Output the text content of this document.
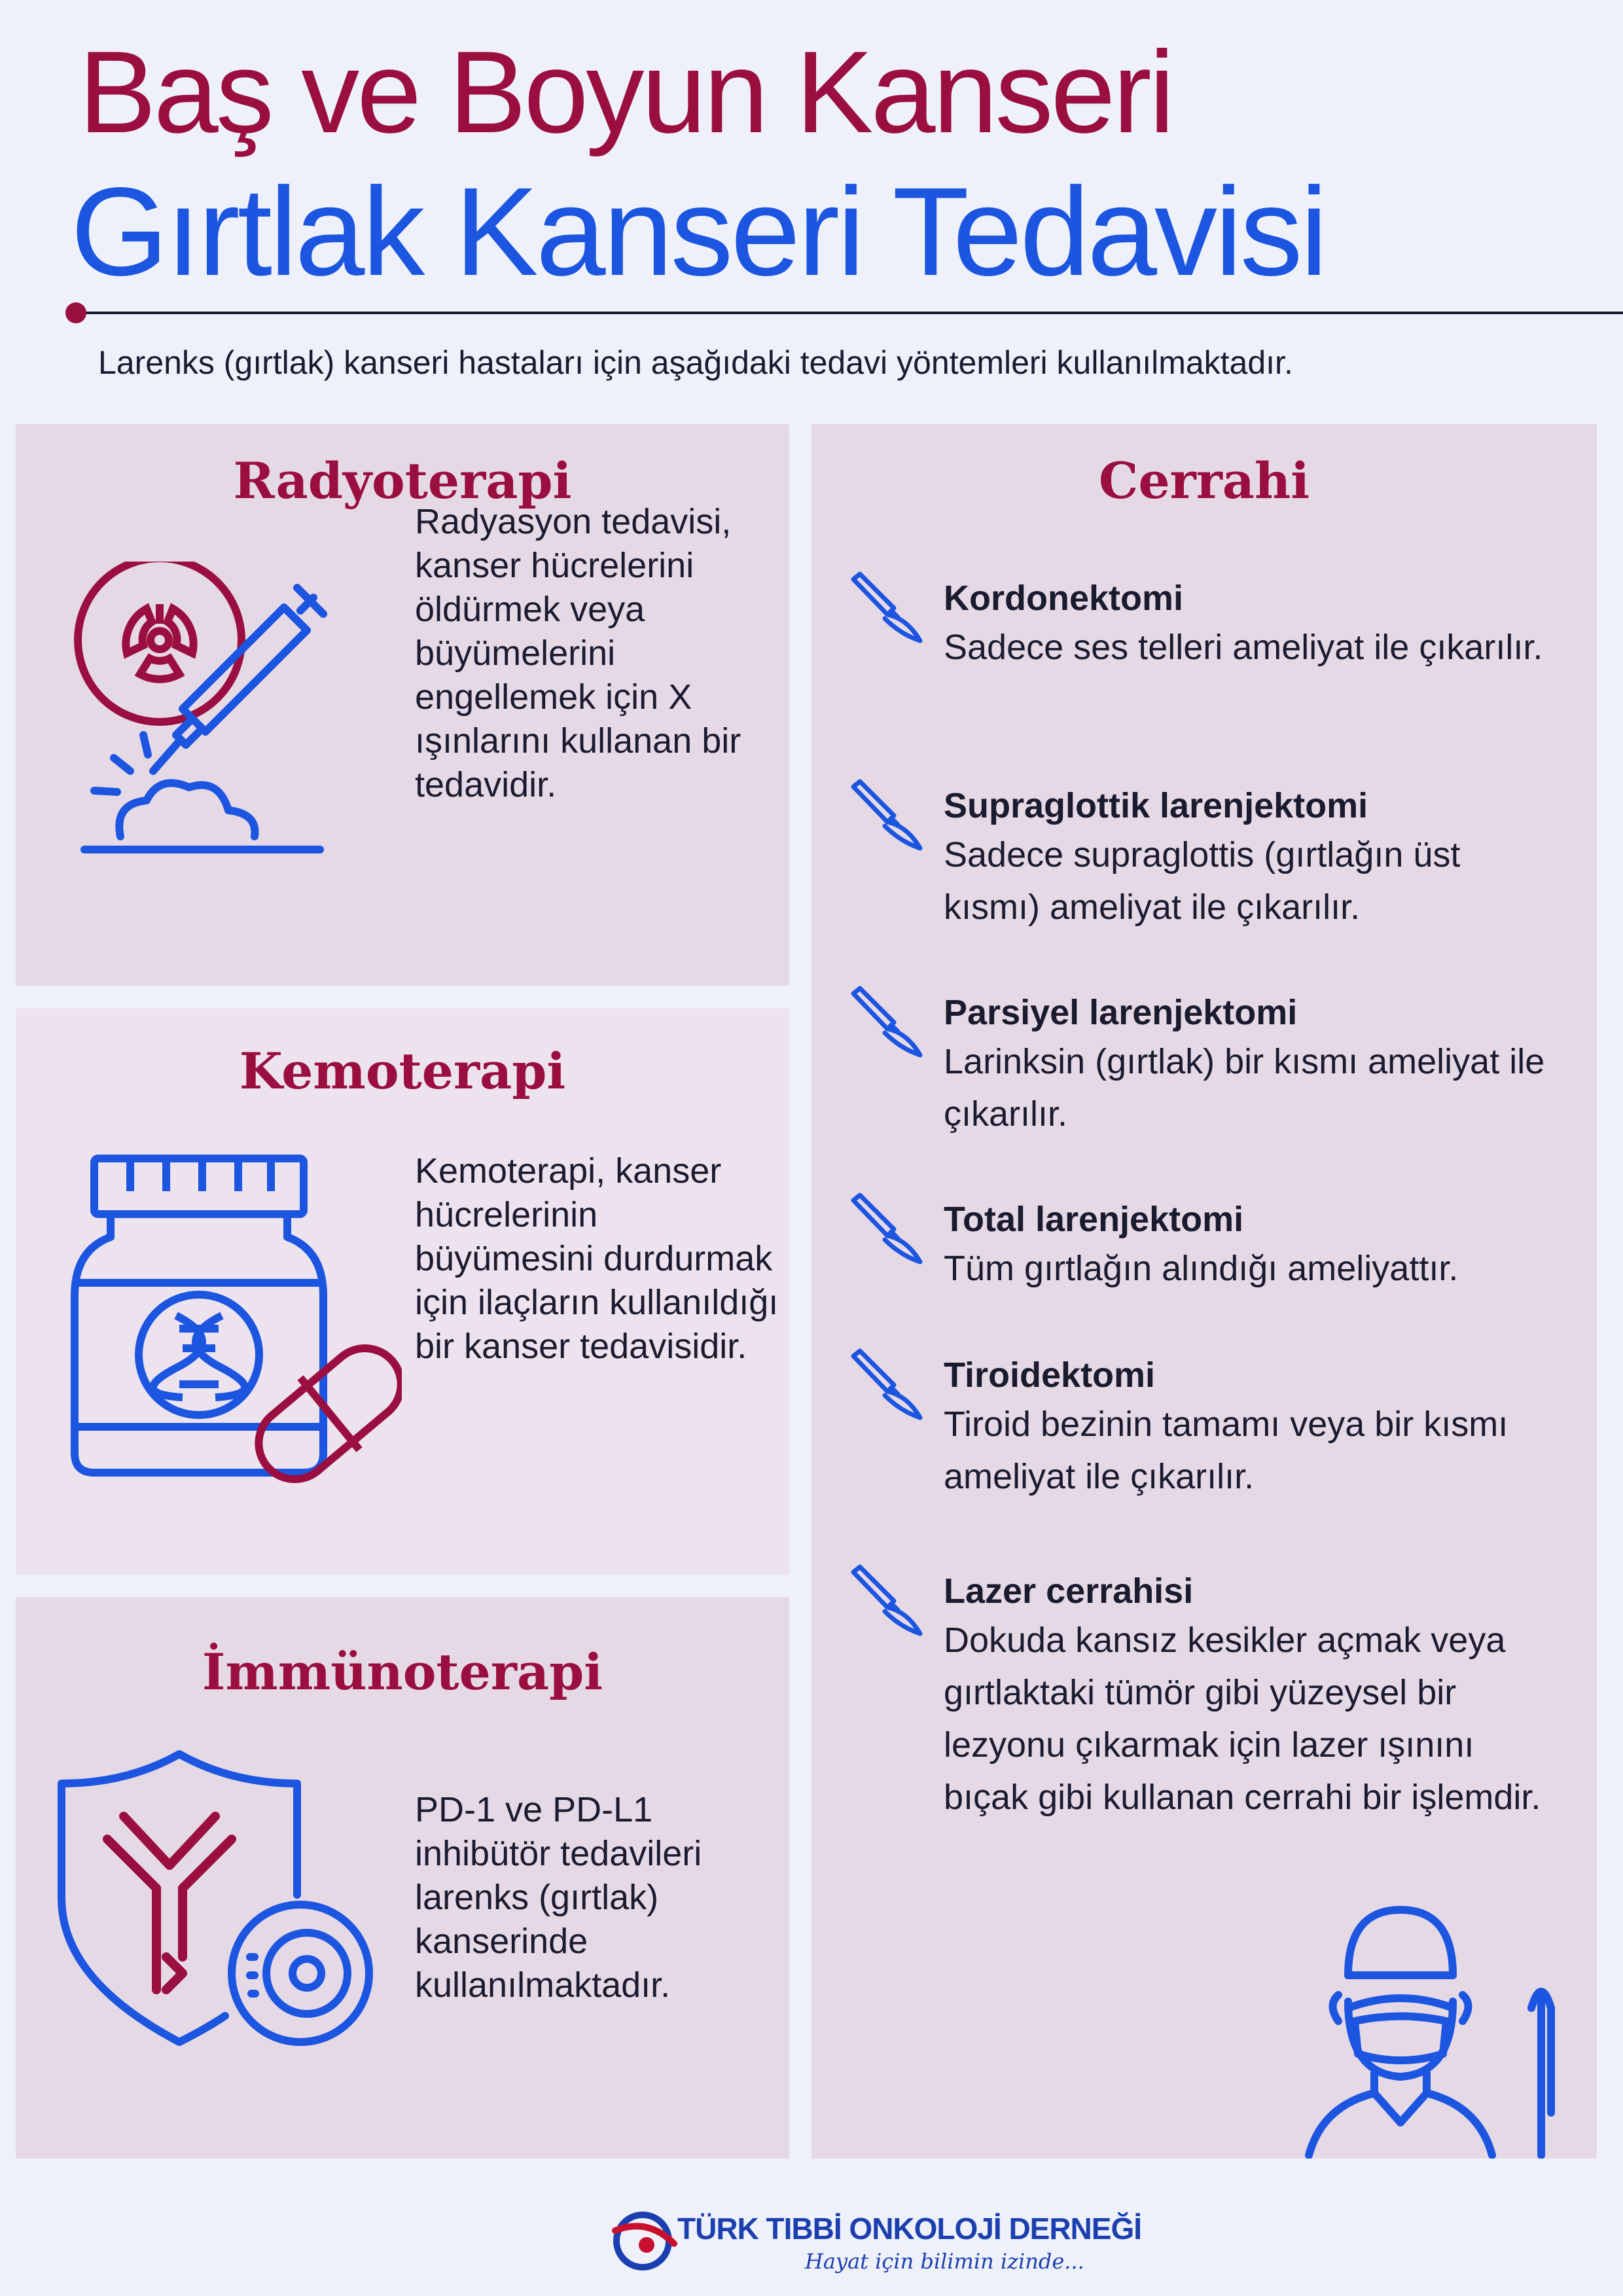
Baş ve Boyun Kanseri
Gırtlak Kanseri Tedavisi
Larenks (gırtlak) kanseri hastaları için aşağıdaki tedavi yöntemleri kullanılmaktadır.
Radyoterapi

Radyasyon tedavisi, kanser hücrelerini öldürmek veya büyümelerini engellemek için X ışınlarını kullanan bir tedavidir.

Kemoterapi

Kemoterapi, kanser hücrelerinin büyümesini durdurmak için ilaçların kullanıldığı bir kanser tedavisidir.

İmmünoterapi

PD-1 ve PD-L1 inhibütör tedavileri larenks (gırtlak) kanserinde kullanılmaktadır.

Cerrahi
Kordonektomi

Sadece ses telleri ameliyat ile çıkarılır.

Supraglottik larenjektomi

Sadece supraglottis (gırtlağın üst kısmı) ameliyat ile çıkarılır.

Parsiyel larenjektomi

Larinksin (gırtlak) bir kısmı ameliyat ile çıkarılır.

Total larenjektomi

Tüm gırtlağın alındığı ameliyattır.

Tiroidektomi

Tiroid bezinin tamamı veya bir kısmı ameliyat ile çıkarılır.

Lazer cerrahisi

Dokuda kansız kesikler açmak veya gırtlaktaki tümör gibi yüzeysel bir lezyonu çıkarmak için lazer ışınını bıçak gibi kullanan cerrahi bir işlemdir.

TÜRK TIBBİ ONKOLOJİ DERNEĞİ
Hayat için bilimin izinde...
